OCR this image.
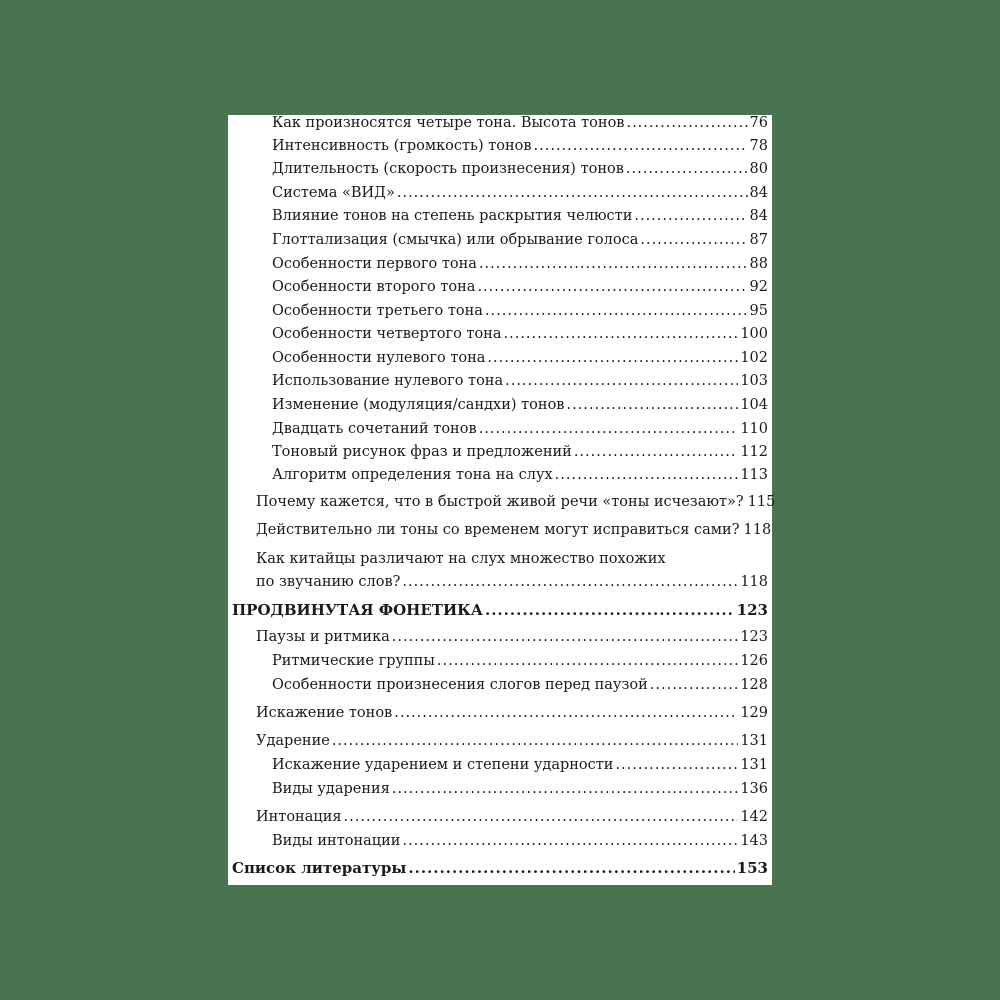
Как произносятся четыре тона. Высота тонов .....	76
Интенсивность (громкость) тонов .....	78
Длительность (скорость произнесения) тонов .....	80
Система «ВИД» .....	84
Влияние тонов на степень раскрытия челюсти .....	84
Глоттализация (смычка) или обрывание голоса .....	87
Особенности первого тона .....	88
Особенности второго тона .....	92
Особенности третьего тона .....	95
Особенности четвертого тона .....	100
Особенности нулевого тона .....	102
Использование нулевого тона .....	103
Изменение (модуляция/сандхи) тонов .....	104
Двадцать сочетаний тонов .....	110
Тоновый рисунок фраз и предложений .....	112
Алгоритм определения тона на слух .....	113
Почему кажется, что в быстрой живой речи «тоны исчезают»? 115
Действительно ли тоны со временем могут исправиться сами? 118
Как китайцы различают на слух множество похожих
по звучанию слов? .....	118
ПРОДВИНУТАЯ ФОНЕТИКА .....	123
Паузы и ритмика .....	123
Ритмические группы .....	126
Особенности произнесения слогов перед паузой .....	128
Искажение тонов .....	129
Ударение .....	131
Искажение ударением и степени ударности .....	131
Виды ударения .....	136
Интонация .....	142
Виды интонации .....	143
Список литературы .....	153
